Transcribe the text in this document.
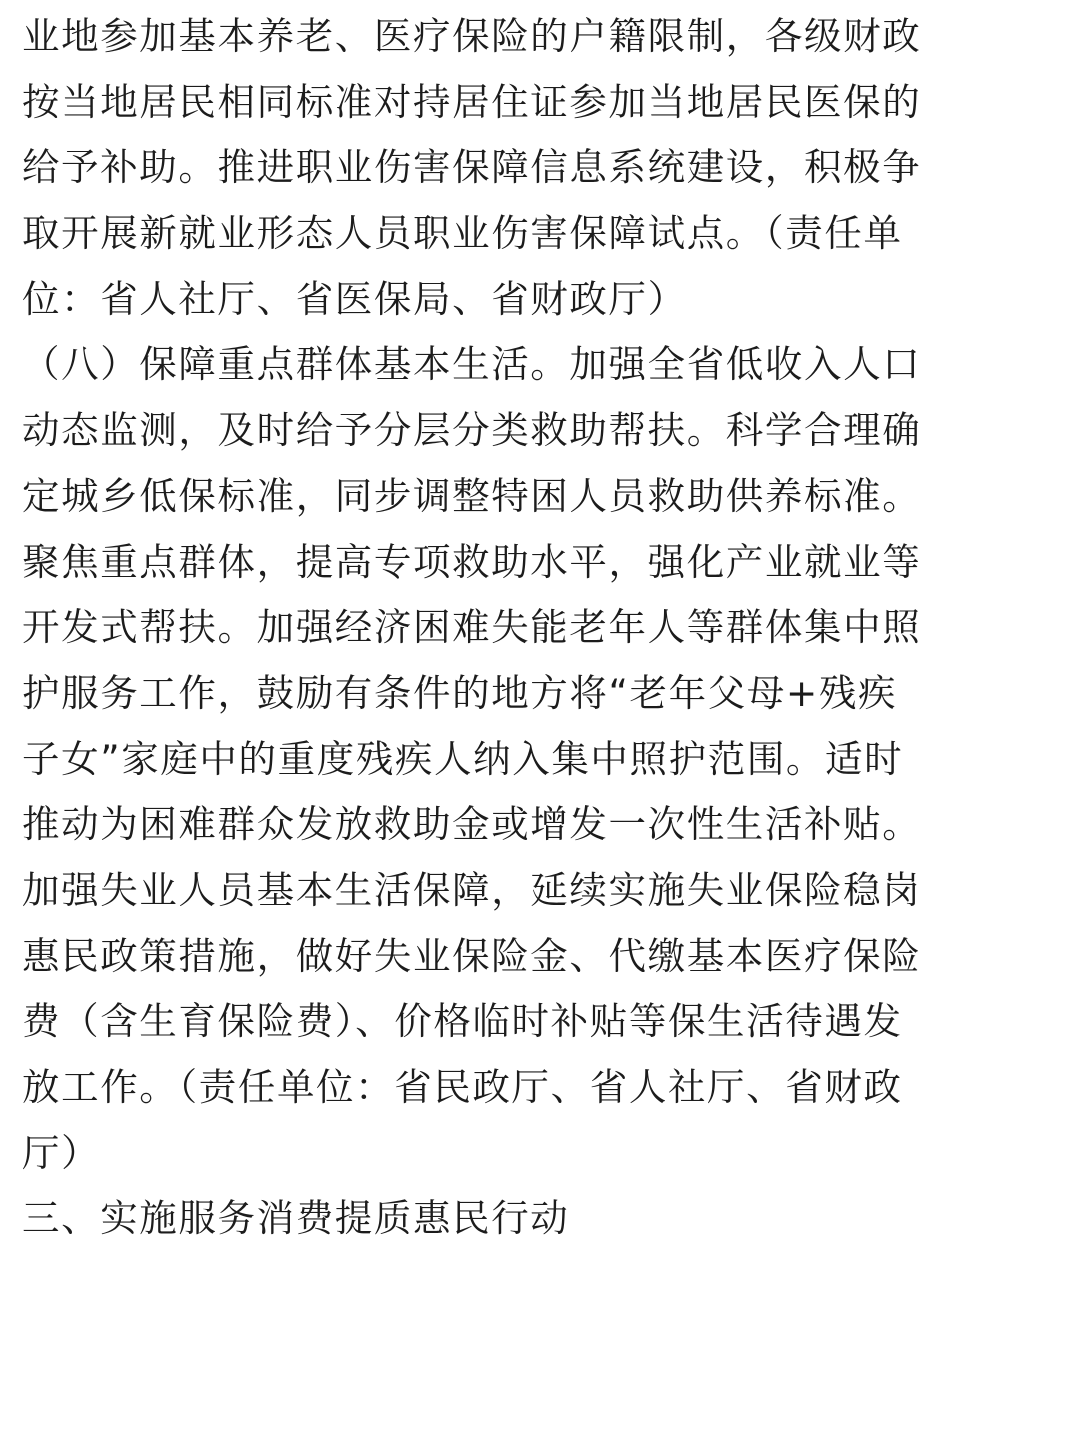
业地参加基本养老、医疗保险的户籍限制，各级财政
按当地居民相同标准对持居住证参加当地居民医保的
给予补助。推进职业伤害保障信息系统建设，积极争
取开展新就业形态人员职业伤害保障试点。（责任单
位：省人社厅、省医保局、省财政厅）
（八）保障重点群体基本生活。加强全省低收入人口
动态监测，及时给予分层分类救助帮扶。科学合理确
定城乡低保标准，同步调整特困人员救助供养标准。
聚焦重点群体，提高专项救助水平，强化产业就业等
开发式帮扶。加强经济困难失能老年人等群体集中照
护服务工作，鼓励有条件的地方将“老年父母+残疾
子女”家庭中的重度残疾人纳入集中照护范围。适时
推动为困难群众发放救助金或增发一次性生活补贴。
加强失业人员基本生活保障，延续实施失业保险稳岗
惠民政策措施，做好失业保险金、代缴基本医疗保险
费（含生育保险费）、价格临时补贴等保生活待遇发
放工作。（责任单位：省民政厅、省人社厅、省财政
厅）
三、实施服务消费提质惠民行动
